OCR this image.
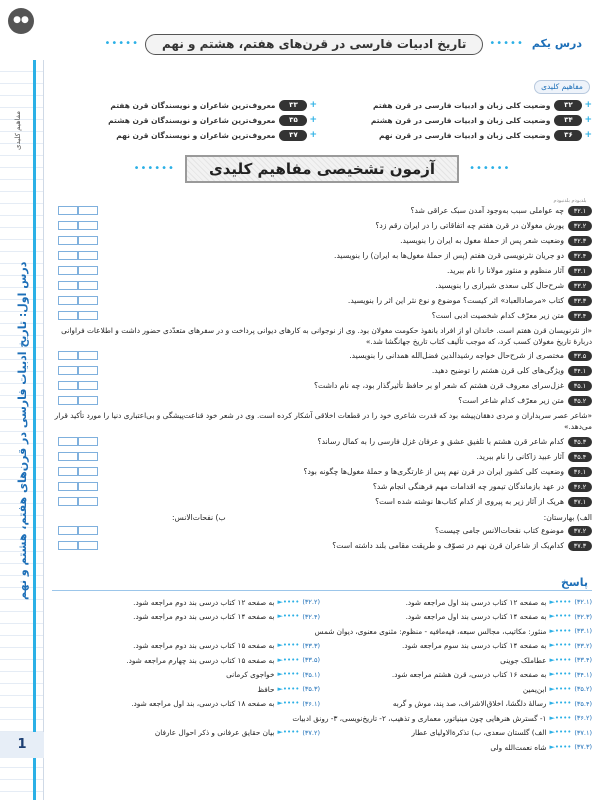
●●
مفاهیم کلیدی
درس اول: تاریخ ادبیات فارسی در قرن‌های هفتم، هشتم و نهم
1
درس یکم
•••••
تاریخ ادبیات فارسی در قرن‌های هفتم، هشتم و نهم
•••••
مفاهیم کلیدی
+
۳۲
وضعیت کلی زبان و ادبیات فارسی در قرن هفتم
+
۳۴
وضعیت کلی زبان و ادبیات فارسی در قرن هشتم
+
۳۶
وضعیت کلی زبان و ادبیات فارسی در قرن نهم
+
۳۳
معروف‌ترین شاعران و نویسندگان قرن هفتم
+
۳۵
معروف‌ترین شاعران و نویسندگان قرن هشتم
+
۳۷
معروف‌ترین شاعران و نویسندگان قرن نهم
••••••
آزمون تشخیصی مفاهیم کلیدی
••••••
بلدبودم بلدنبودم
۳۲.۱
چه عواملی سبب به‌وجود آمدن سبک عراقی شد؟
۳۲.۲
یورش مغولان در قرن هفتم چه اتفاقاتی را در ایران رقم زد؟
۳۲.۳
وضعیت شعر پس از حملهٔ مغول به ایران را بنویسید.
۳۲.۴
دو جریان نثرنویسی قرن هفتم (پس از حملهٔ مغول‌ها به ایران) را بنویسید.
۳۳.۱
آثار منظوم و منثور مولانا را نام ببرید.
۳۳.۲
شرح‌حال کلی سعدی شیرازی را بنویسید.
۳۳.۳
کتاب «مرصادالعباد» اثر کیست؟ موضوع و نوع نثر این اثر را بنویسید.
۳۳.۴
متن زیر معرّف کدام شخصیت ادبی است؟
«از نثرنویسان قرن هفتم است. خاندان او از افراد بانفوذ حکومت مغولان بود. وی از نوجوانی به کارهای دیوانی پرداخت و در سفرهای متعدّدی حضور داشت و اطلاعات فراوانی دربارهٔ تاریخ مغولان کسب کرد، که موجب تألیف کتاب تاریخ جهانگشا شد.»
۳۳.۵
مختصری از شرح‌حال خواجه رشیدالدین فضل‌الله همدانی را بنویسید.
۳۴.۱
ویژگی‌های کلی قرن هشتم را توضیح دهید.
۳۵.۱
غزل‌سرای معروف قرن هشتم که شعر او بر حافظ تأثیرگذار بود، چه نام داشت؟
۳۵.۲
متن زیر معرّف کدام شاعر است؟
«شاعر عصر سربداران و مردی دهقان‌پیشه بود که قدرت شاعری خود را در قطعات اخلاقی آشکار کرده است. وی در شعر خود قناعت‌پیشگی و بی‌اعتباری دنیا را مورد تأکید قرار می‌دهد.»
۳۵.۳
کدام شاعر قرن هشتم با تلفیق عشق و عرفان غزل فارسی را به کمال رساند؟
۳۵.۴
آثار عبید زاکانی را نام ببرید.
۳۶.۱
وضعیت کلی کشور ایران در قرن نهم پس از غارتگری‌ها و حملهٔ مغول‌ها چگونه بود؟
۳۶.۲
در عهد بازماندگان تیمور چه اقدامات مهم فرهنگی انجام شد؟
۳۷.۱
هریک از آثار زیر به پیروی از کدام کتاب‌ها نوشته شده است؟
الف) بهارستان:
ب) نفحات‌الانس:
۳۷.۲
موضوع کتاب نفحات‌الانس جامی چیست؟
۳۷.۳
کدام‌یک از شاعران قرن نهم در تصوّف و طریقت مقامی بلند داشته است؟
پاسخ
(۳۲.۱)
••••►
به صفحه ۱۲ کتاب درسی بند اول مراجعه شود.
(۳۲.۲)
••••►
به صفحه ۱۲ کتاب درسی بند دوم مراجعه شود.
(۳۲.۳)
••••►
به صفحه ۱۴ کتاب درسی بند اول مراجعه شود.
(۳۲.۴)
••••►
به صفحه ۱۴ کتاب درسی بند دوم مراجعه شود.
(۳۳.۱)
••••►
منثور: مکاتیب، مجالس سبعه، فیه‌مافیه - منظوم: مثنوی معنوی، دیوان شمس
(۳۳.۲)
••••►
به صفحه ۱۴ کتاب درسی بند سوم مراجعه شود.
(۳۳.۳)
••••►
به صفحه ۱۵ کتاب درسی بند دوم مراجعه شود.
(۳۳.۴)
••••►
عطاملک جوینی
(۳۳.۵)
••••►
به صفحه ۱۵ کتاب درسی بند چهارم مراجعه شود.
(۳۴.۱)
••••►
به صفحه ۱۶ کتاب درسی، قرن هشتم مراجعه شود.
(۳۵.۱)
••••►
خواجوی کرمانی
(۳۵.۲)
••••►
ابن‌یمین
(۳۵.۳)
••••►
حافظ
(۳۵.۴)
••••►
رسالهٔ دلگشا، اخلاق‌الاشراف، صد پند، موش و گربه
(۳۶.۱)
••••►
به صفحه ۱۸ کتاب درسی، بند اول مراجعه شود.
(۳۶.۲)
••••►
۱- گسترش هنرهایی چون مینیاتور، معماری و تذهیب، ۲- تاریخ‌نویسی، ۳- رونق ادبیات
(۳۷.۱)
••••►
الف) گلستان سعدی، ب) تذکرةالاولیای عطار
(۳۷.۲)
••••►
بیان حقایق عرفانی و ذکر احوال عارفان
(۳۷.۳)
••••►
شاه نعمت‌الله ولی
